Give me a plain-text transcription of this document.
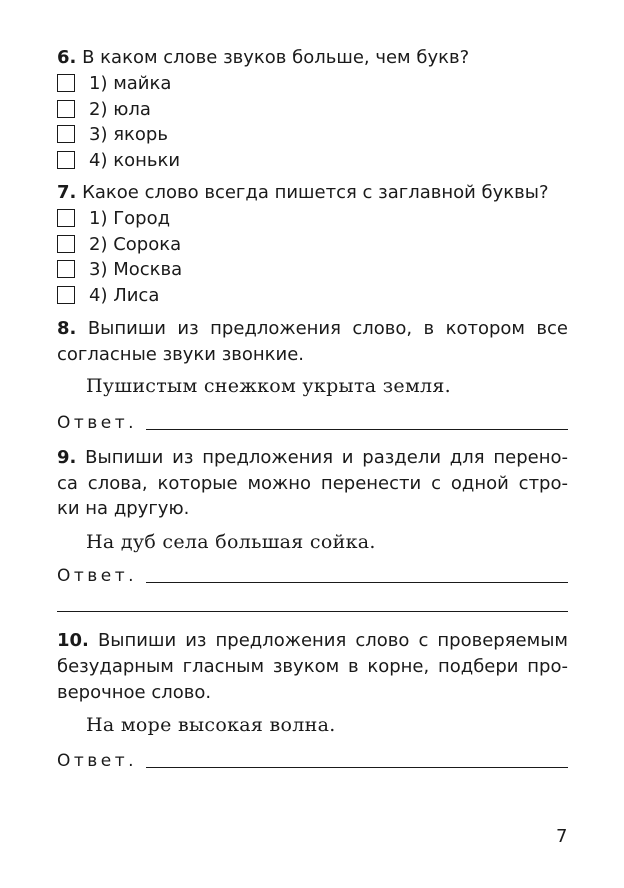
6. В каком слове звуков больше, чем букв?
1) майка
2) юла
3) якорь
4) коньки
7. Какое слово всегда пишется с заглавной буквы?
1) Город
2) Сорока
3) Москва
4) Лиса
8. Выпиши из предложения слово, в котором все
согласные звуки звонкие.
Пушистым снежком укрыта земля.
Ответ.
9. Выпиши из предложения и раздели для перено-
са слова, которые можно перенести с одной стро-
ки на другую.
На дуб села большая сойка.
Ответ.
10. Выпиши из предложения слово с проверяемым
безударным гласным звуком в корне, подбери про-
верочное слово.
На море высокая волна.
Ответ.
7
